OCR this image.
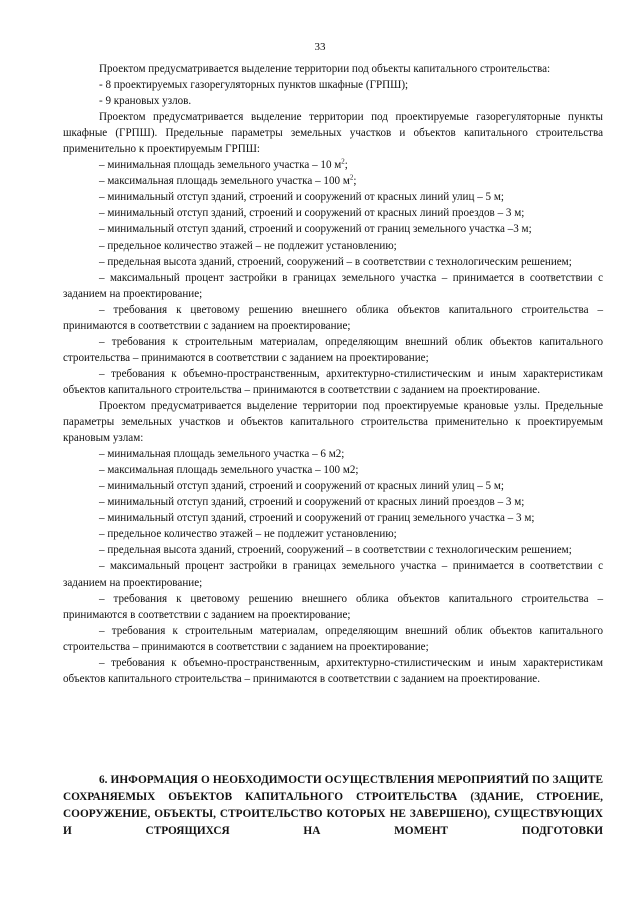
33

Проектом предусматривается выделение территории под объекты капитального строительства:

- 8 проектируемых газорегуляторных пунктов шкафные (ГРПШ);

- 9 крановых узлов.

Проектом предусматривается выделение территории под проектируемые газорегуляторные пункты шкафные (ГРПШ). Предельные параметры земельных участков и объектов капитального строительства применительно к проектируемым ГРПШ:

– минимальная площадь земельного участка – 10 $м^2$;

– максимальная площадь земельного участка – 100 $м^2$;

– минимальный отступ зданий, строений и сооружений от красных линий улиц – 5 м;

– минимальный отступ зданий, строений и сооружений от красных линий проездов – 3 м;

– минимальный отступ зданий, строений и сооружений от границ земельного участка –3 м;

– предельное количество этажей – не подлежит установлению;

– предельная высота зданий, строений, сооружений – в соответствии с технологическим решением;

– максимальный процент застройки в границах земельного участка – принимается в соответствии с заданием на проектирование;

– требования к цветовому решению внешнего облика объектов капитального строительства – принимаются в соответствии с заданием на проектирование;

– требования к строительным материалам, определяющим внешний облик объектов капитального строительства – принимаются в соответствии с заданием на проектирование;

– требования к объемно-пространственным, архитектурно-стилистическим и иным характеристикам объектов капитального строительства – принимаются в соответствии с заданием на проектирование.

Проектом предусматривается выделение территории под проектируемые крановые узлы. Предельные параметры земельных участков и объектов капитального строительства применительно к проектируемым крановым узлам:

– минимальная площадь земельного участка – 6 м2;

– максимальная площадь земельного участка – 100 м2;

– минимальный отступ зданий, строений и сооружений от красных линий улиц – 5 м;

– минимальный отступ зданий, строений и сооружений от красных линий проездов – 3 м;

– минимальный отступ зданий, строений и сооружений от границ земельного участка – 3 м;

– предельное количество этажей – не подлежит установлению;

– предельная высота зданий, строений, сооружений – в соответствии с технологическим решением;

– максимальный процент застройки в границах земельного участка – принимается в соответствии с заданием на проектирование;

– требования к цветовому решению внешнего облика объектов капитального строительства – принимаются в соответствии с заданием на проектирование;

– требования к строительным материалам, определяющим внешний облик объектов капитального строительства – принимаются в соответствии с заданием на проектирование;

– требования к объемно-пространственным, архитектурно-стилистическим и иным характеристикам объектов капитального строительства – принимаются в соответствии с заданием на проектирование.

6. ИНФОРМАЦИЯ О НЕОБХОДИМОСТИ ОСУЩЕСТВЛЕНИЯ МЕРОПРИЯТИЙ ПО ЗАЩИТЕ СОХРАНЯЕМЫХ ОБЪЕКТОВ КАПИТАЛЬНОГО СТРОИТЕЛЬСТВА (ЗДАНИЕ, СТРОЕНИЕ, СООРУЖЕНИЕ, ОБЪЕКТЫ, СТРОИТЕЛЬСТВО КОТОРЫХ НЕ ЗАВЕРШЕНО), СУЩЕСТВУЮЩИХ И СТРОЯЩИХСЯ НА МОМЕНТ ПОДГОТОВКИ
